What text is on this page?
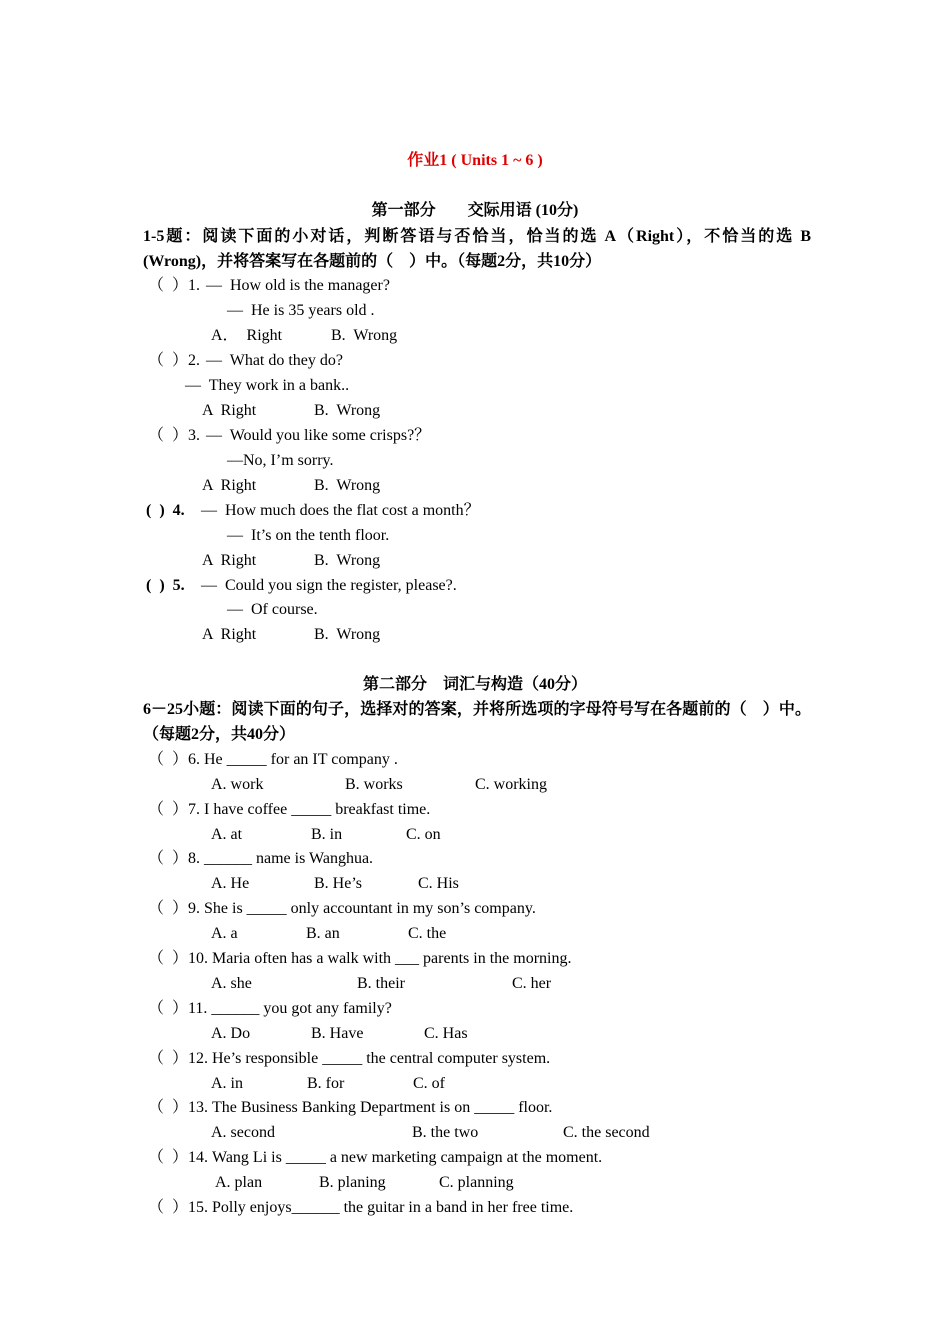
作业1 ( Units 1 ~ 6 )
第一部分　　交际用语 (10分)
1-5题：阅读下面的小对话，判断答语与否恰当，恰当的选 A（Right），不恰当的选 B (Wrong)，并将答案写在各题前的（　）中。（每题2分，共10分）
（  ）1. —  How old is the manager?
—  He is 35 years old .
A．  Right	B.  Wrong
（  ）2. —  What do they do?
—  They work in a bank..
A  Right	B.  Wrong
（  ）3. —  Would you like some crisps?？
—No, I’m sorry.
A  Right	B.  Wrong
(  )  4. —  How much does the flat cost a month？
—  It’s on the tenth floor.
A  Right	B.  Wrong
(  )  5. —  Could you sign the register, please?.
—  Of course.
A  Right	B.  Wrong
第二部分　词汇与构造（40分）
6－25小题：阅读下面的句子，选择对的答案，并将所选项的字母符号写在各题前的（　）中。（每题2分，共40分）
（  ）6. He _____ for an IT company .
A. work	B. works	C. working
（  ）7. I have coffee _____ breakfast time.
A. at	B. in	C. on
（  ）8. ______ name is Wanghua.
A. He	B. He’s	C. His
（  ）9. She is _____ only accountant in my son’s company.
A. a	B. an	C. the
（  ）10. Maria often has a walk with ___ parents in the morning.
A. she	B. their	C. her
（  ）11. ______ you got any family?
A. Do	B. Have	C. Has
（  ）12. He’s responsible _____ the central computer system.
A. in	B. for	C. of
（  ）13. The Business Banking Department is on _____ floor.
A. second	B. the two	C. the second
（  ）14. Wang Li is _____ a new marketing campaign at the moment.
A. plan	B. planing	C. planning
（  ）15. Polly enjoys______ the guitar in a band in her free time.
